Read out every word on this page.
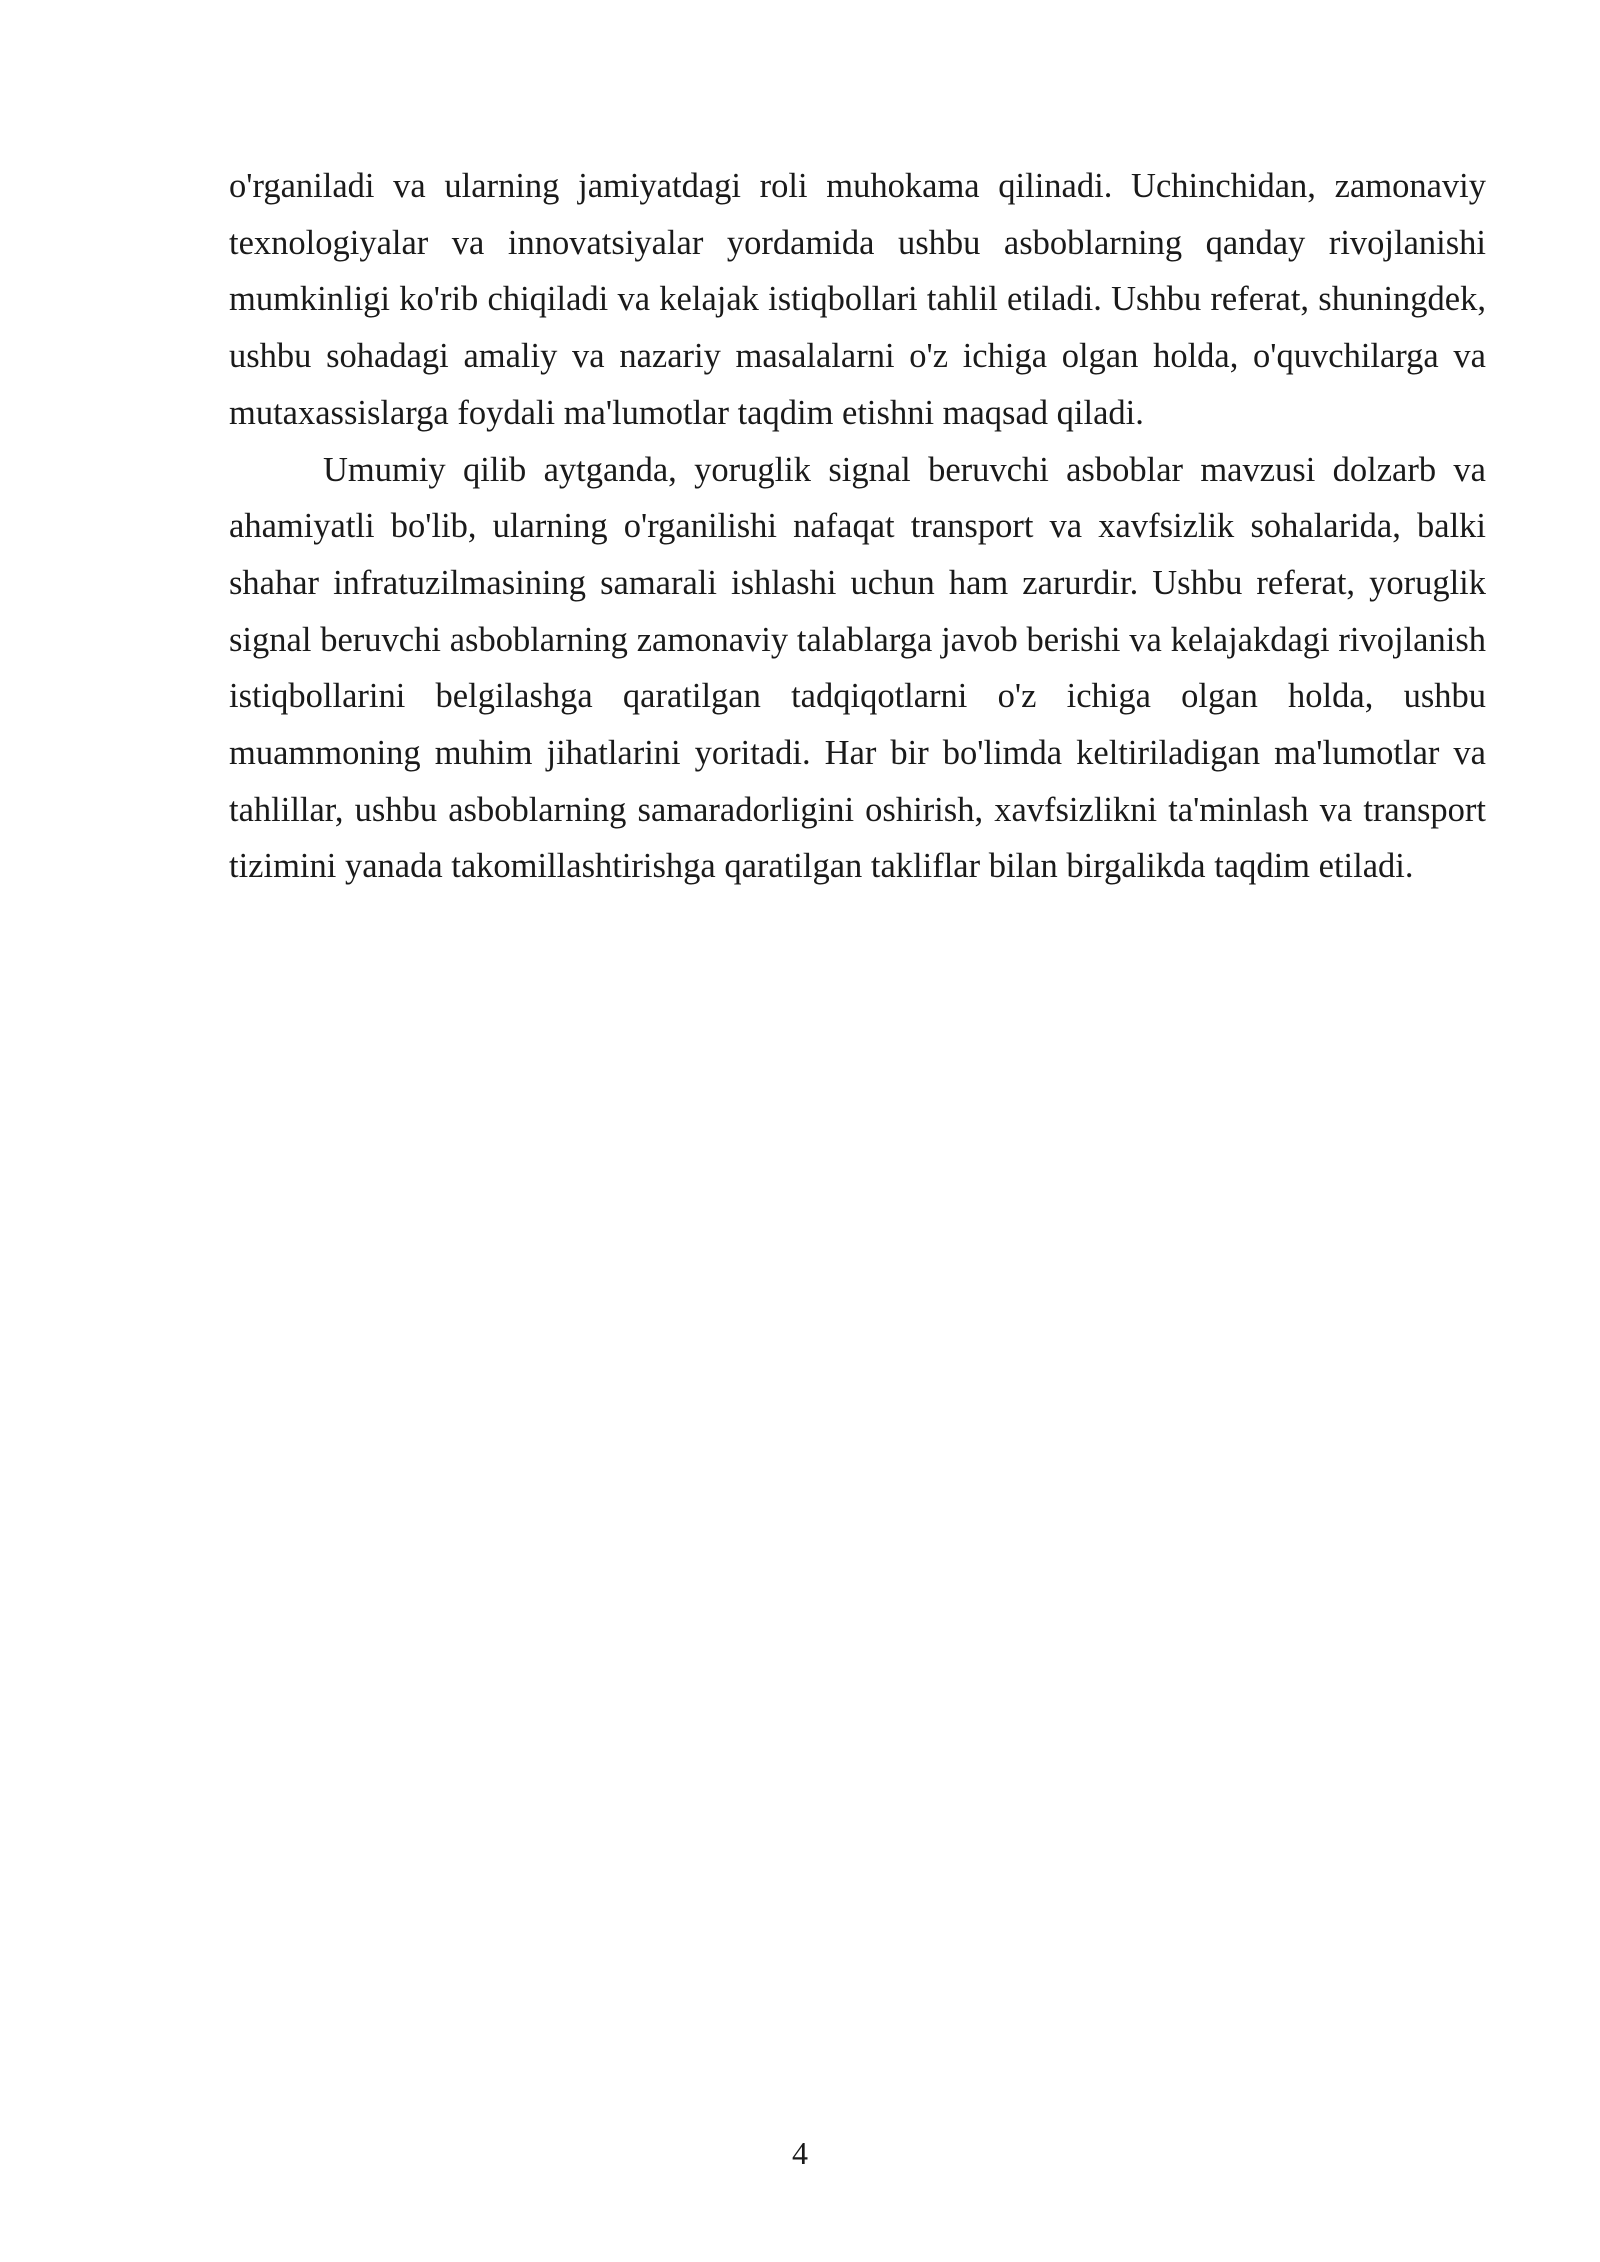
o'rganiladi va ularning jamiyatdagi roli muhokama qilinadi. Uchinchidan, zamonaviy texnologiyalar va innovatsiyalar yordamida ushbu asboblarning qanday rivojlanishi mumkinligi ko'rib chiqiladi va kelajak istiqbollari tahlil etiladi. Ushbu referat, shuningdek, ushbu sohadagi amaliy va nazariy masalalarni o'z ichiga olgan holda, o'quvchilarga va mutaxassislarga foydali ma'lumotlar taqdim etishni maqsad qiladi.

Umumiy qilib aytganda, yoruglik signal beruvchi asboblar mavzusi dolzarb va ahamiyatli bo'lib, ularning o'rganilishi nafaqat transport va xavfsizlik sohalarida, balki shahar infratuzilmasining samarali ishlashi uchun ham zarurdir. Ushbu referat, yoruglik signal beruvchi asboblarning zamonaviy talablarga javob berishi va kelajakdagi rivojlanish istiqbollarini belgilashga qaratilgan tadqiqotlarni o'z ichiga olgan holda, ushbu muammoning muhim jihatlarini yoritadi. Har bir bo'limda keltiriladigan ma'lumotlar va tahlillar, ushbu asboblarning samaradorligini oshirish, xavfsizlikni ta'minlash va transport tizimini yanada takomillashtirishga qaratilgan takliflar bilan birgalikda taqdim etiladi.

4
